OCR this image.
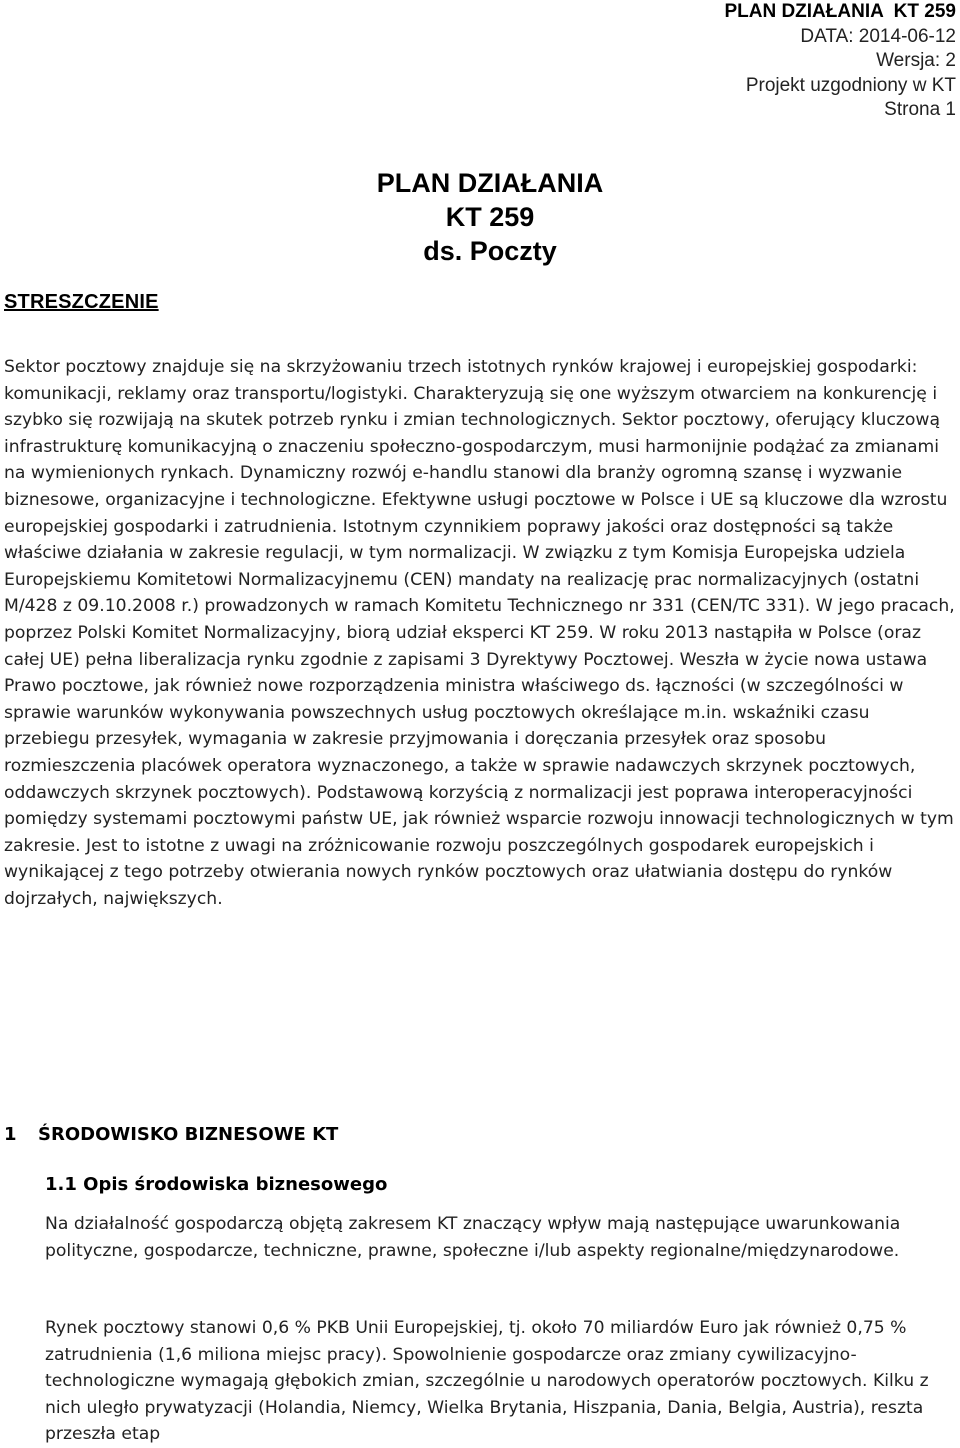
PLAN DZIAŁANIA  KT 259
DATA: 2014-06-12
Wersja: 2
Projekt uzgodniony w KT
Strona 1
PLAN DZIAŁANIA
KT 259
ds. Poczty
STRESZCZENIE

Sektor pocztowy znajduje się na skrzyżowaniu trzech istotnych rynków krajowej i europejskiej gospodarki: komunikacji, reklamy oraz transportu/logistyki. Charakteryzują się one wyższym otwarciem na konkurencję i szybko się rozwijają na skutek potrzeb rynku i zmian technologicznych. Sektor pocztowy, oferujący kluczową infrastrukturę komunikacyjną o znaczeniu społeczno-gospodarczym, musi harmonijnie podążać za zmianami na wymienionych rynkach. Dynamiczny rozwój e-handlu stanowi dla branży ogromną szansę i wyzwanie biznesowe, organizacyjne i technologiczne. Efektywne usługi pocztowe w Polsce i UE są kluczowe dla wzrostu europejskiej gospodarki i zatrudnienia. Istotnym czynnikiem poprawy jakości oraz dostępności są także właściwe działania w zakresie regulacji, w tym normalizacji. W związku z tym Komisja Europejska udziela Europejskiemu Komitetowi Normalizacyjnemu (CEN) mandaty na realizację prac normalizacyjnych (ostatni M/428 z 09.10.2008 r.) prowadzonych w ramach Komitetu Technicznego nr 331 (CEN/TC 331). W jego pracach, poprzez Polski Komitet Normalizacyjny, biorą udział eksperci KT 259. W roku 2013 nastąpiła w Polsce (oraz całej UE) pełna liberalizacja rynku zgodnie z zapisami 3 Dyrektywy Pocztowej. Weszła w życie nowa ustawa Prawo pocztowe, jak również nowe rozporządzenia ministra właściwego ds. łączności (w szczególności w sprawie warunków wykonywania powszechnych usług pocztowych określające m.in. wskaźniki czasu przebiegu przesyłek, wymagania w zakresie przyjmowania i doręczania przesyłek oraz sposobu rozmieszczenia placówek operatora wyznaczonego, a także w sprawie nadawczych skrzynek pocztowych, oddawczych skrzynek pocztowych). Podstawową korzyścią z normalizacji jest poprawa interoperacyjności pomiędzy systemami pocztowymi państw UE, jak również wsparcie rozwoju innowacji technologicznych w tym zakresie. Jest to istotne z uwagi na zróżnicowanie rozwoju poszczególnych gospodarek europejskich i wynikającej z tego potrzeby otwierania nowych rynków pocztowych oraz ułatwiania dostępu do rynków dojrzałych, największych.

1 ŚRODOWISKO BIZNESOWE KT
1.1 Opis środowiska biznesowego

Na działalność gospodarczą objętą zakresem KT znaczący wpływ mają następujące uwarunkowania polityczne, gospodarcze, techniczne, prawne, społeczne i/lub aspekty regionalne/międzynarodowe.

Rynek pocztowy stanowi 0,6 % PKB Unii Europejskiej, tj. około 70 miliardów Euro jak również 0,75 % zatrudnienia (1,6 miliona miejsc pracy). Spowolnienie gospodarcze oraz zmiany cywilizacyjno-technologiczne wymagają głębokich zmian, szczególnie u narodowych operatorów pocztowych. Kilku z nich uległo prywatyzacji (Holandia, Niemcy, Wielka Brytania, Hiszpania, Dania, Belgia, Austria), reszta przeszła etap
